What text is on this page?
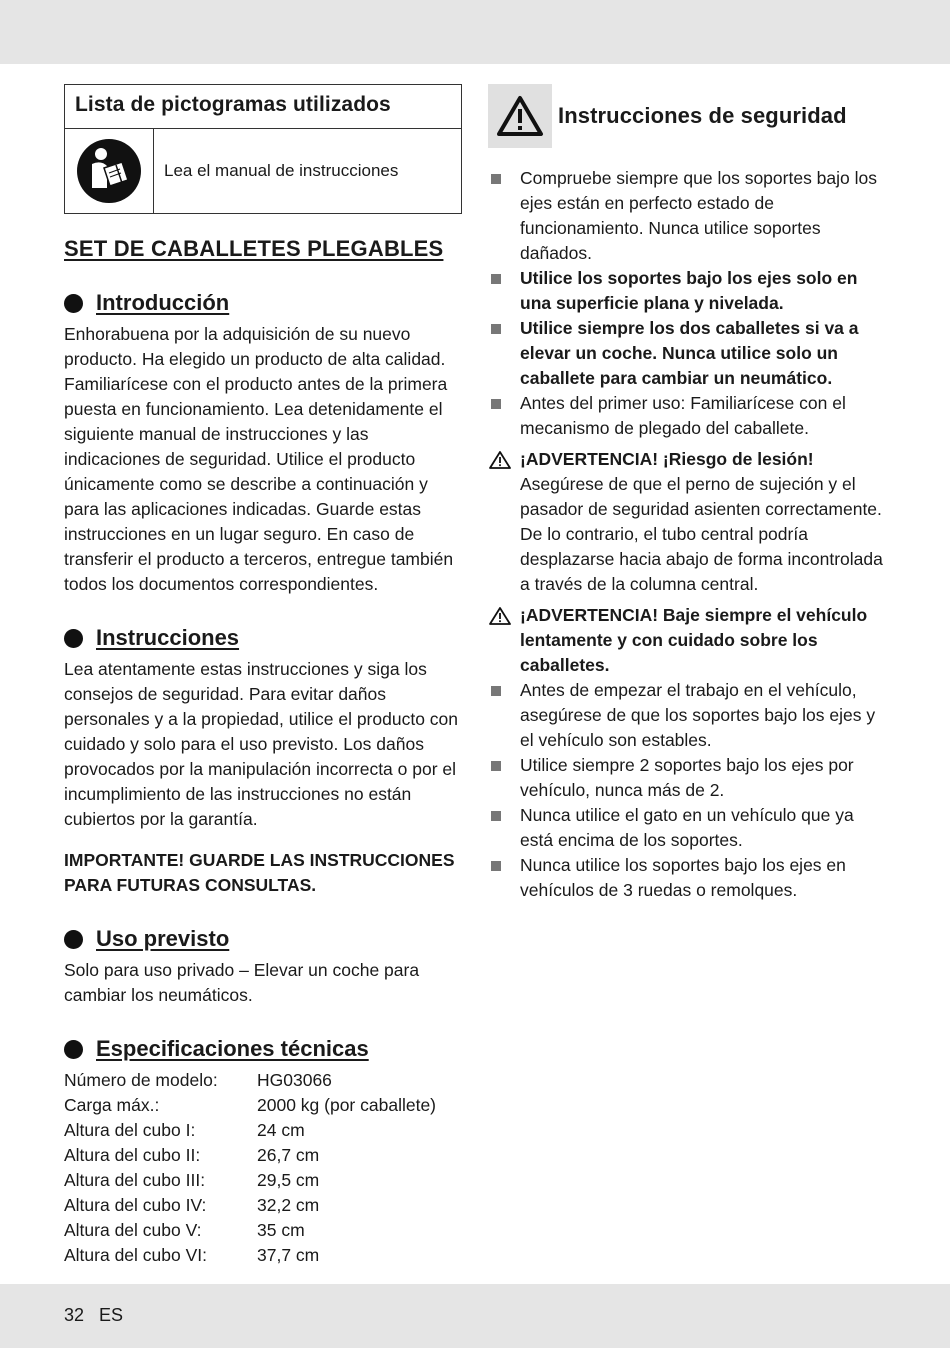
Lista de pictogramas utilizados
Lea el manual de instrucciones
SET DE CABALLETES PLEGABLES
Introducción

Enhorabuena por la adquisición de su nuevo producto. Ha elegido un producto de alta calidad. Familiarícese con el producto antes de la primera puesta en funcionamiento. Lea detenidamente el siguiente manual de instrucciones y las indicaciones de seguridad. Utilice el producto únicamente como se describe a continuación y para las aplicaciones indicadas. Guarde estas instrucciones en un lugar seguro. En caso de transferir el producto a terceros, entregue también todos los documentos correspondientes.

Instrucciones

Lea atentamente estas instrucciones y siga los consejos de seguridad. Para evitar daños personales y a la propiedad, utilice el producto con cuidado y solo para el uso previsto. Los daños provocados por la manipulación incorrecta o por el incumplimiento de las instrucciones no están cubiertos por la garantía.

IMPORTANTE! GUARDE LAS INSTRUCCIONES PARA FUTURAS CONSULTAS.

Uso previsto

Solo para uso privado – Elevar un coche para cambiar los neumáticos.

Especificaciones técnicas
Número de modelo:	HG03066
Carga máx.:	2000 kg (por caballete)
Altura del cubo I:	24 cm
Altura del cubo II:	26,7 cm
Altura del cubo III:	29,5 cm
Altura del cubo IV:	32,2 cm
Altura del cubo V:	35 cm
Altura del cubo VI:	37,7 cm
Instrucciones de seguridad
Compruebe siempre que los soportes bajo los ejes están en perfecto estado de funcionamiento. Nunca utilice soportes dañados.
Utilice los soportes bajo los ejes solo en una superficie plana y nivelada.
Utilice siempre los dos caballetes si va a elevar un coche. Nunca utilice solo un caballete para cambiar un neumático.
Antes del primer uso: Familiarícese con el mecanismo de plegado del caballete.
¡ADVERTENCIA! ¡Riesgo de lesión!
Asegúrese de que el perno de sujeción y el pasador de seguridad asienten correctamente. De lo contrario, el tubo central podría desplazarse hacia abajo de forma incontrolada a través de la columna central.
¡ADVERTENCIA! Baje siempre el vehículo lentamente y con cuidado sobre los caballetes.
Antes de empezar el trabajo en el vehículo, asegúrese de que los soportes bajo los ejes y el vehículo son estables.
Utilice siempre 2 soportes bajo los ejes por vehículo, nunca más de 2.
Nunca utilice el gato en un vehículo que ya está encima de los soportes.
Nunca utilice los soportes bajo los ejes en vehículos de 3 ruedas o remolques.
32 ES
